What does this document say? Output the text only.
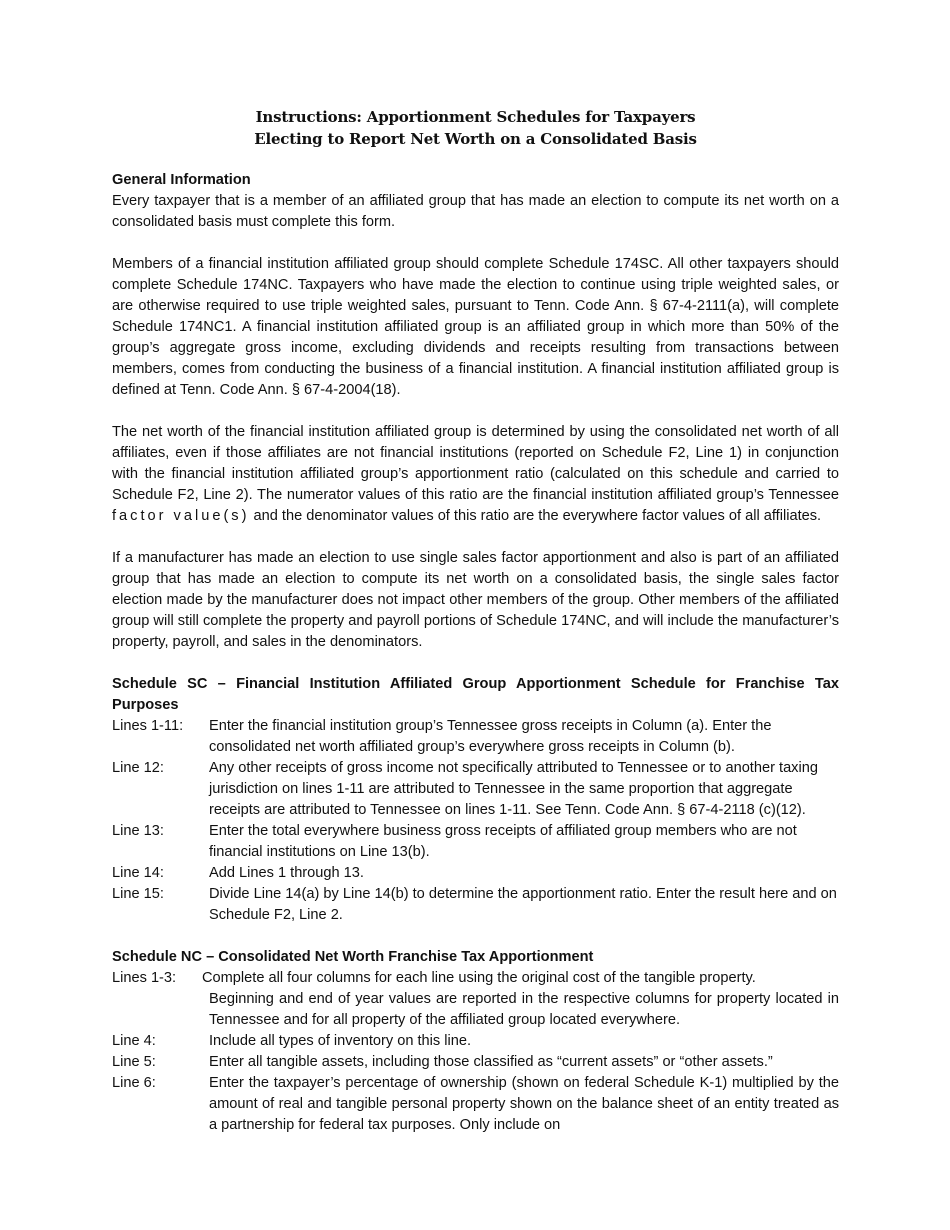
Instructions: Apportionment Schedules for Taxpayers
Electing to Report Net Worth on a Consolidated Basis
General Information

Every taxpayer that is a member of an affiliated group that has made an election to compute its net worth on a consolidated basis must complete this form.

Members of a financial institution affiliated group should complete Schedule 174SC. All other taxpayers should complete Schedule 174NC. Taxpayers who have made the election to continue using triple weighted sales, or are otherwise required to use triple weighted sales, pursuant to Tenn. Code Ann. § 67-4-2111(a), will complete Schedule 174NC1. A financial institution affiliated group is an affiliated group in which more than 50% of the group’s aggregate gross income, excluding dividends and receipts resulting from transactions between members, comes from conducting the business of a financial institution. A financial institution affiliated group is defined at Tenn. Code Ann. § 67-4-2004(18).

The net worth of the financial institution affiliated group is determined by using the consolidated net worth of all affiliates, even if those affiliates are not financial institutions (reported on Schedule F2, Line 1) in conjunction with the financial institution affiliated group’s apportionment ratio (calculated on this schedule and carried to Schedule F2, Line 2). The numerator values of this ratio are the financial institution affiliated group’s Tennessee factor value(s) and the denominator values of this ratio are the everywhere factor values of all affiliates.

If a manufacturer has made an election to use single sales factor apportionment and also is part of an affiliated group that has made an election to compute its net worth on a consolidated basis, the single sales factor election made by the manufacturer does not impact other members of the group. Other members of the affiliated group will still complete the property and payroll portions of Schedule 174NC, and will include the manufacturer’s property, payroll, and sales in the denominators.

Schedule SC – Financial Institution Affiliated Group Apportionment Schedule for Franchise Tax Purposes
Lines 1-11:	Enter the financial institution group’s Tennessee gross receipts in Column (a). Enter the consolidated net worth affiliated group’s everywhere gross receipts in Column (b).
Line 12:	Any other receipts of gross income not specifically attributed to Tennessee or to another taxing jurisdiction on lines 1-11 are attributed to Tennessee in the same proportion that aggregate receipts are attributed to Tennessee on lines 1-11. See Tenn. Code Ann. § 67-4-2118 (c)(12).
Line 13:	Enter the total everywhere business gross receipts of affiliated group members who are not financial institutions on Line 13(b).
Line 14:	Add Lines 1 through 13.
Line 15:	Divide Line 14(a) by Line 14(b) to determine the apportionment ratio. Enter the result here and on Schedule F2, Line 2.
Schedule NC – Consolidated Net Worth Franchise Tax Apportionment
Lines 1-3:	Complete all four columns for each line using the original cost of the tangible property.
Beginning and end of year values are reported in the respective columns for property located in Tennessee and for all property of the affiliated group located everywhere.
Line 4:	Include all types of inventory on this line.
Line 5:	Enter all tangible assets, including those classified as “current assets” or “other assets.”
Line 6:	Enter the taxpayer’s percentage of ownership (shown on federal Schedule K-1) multiplied by the amount of real and tangible personal property shown on the balance sheet of an entity treated as a partnership for federal tax purposes. Only include on
